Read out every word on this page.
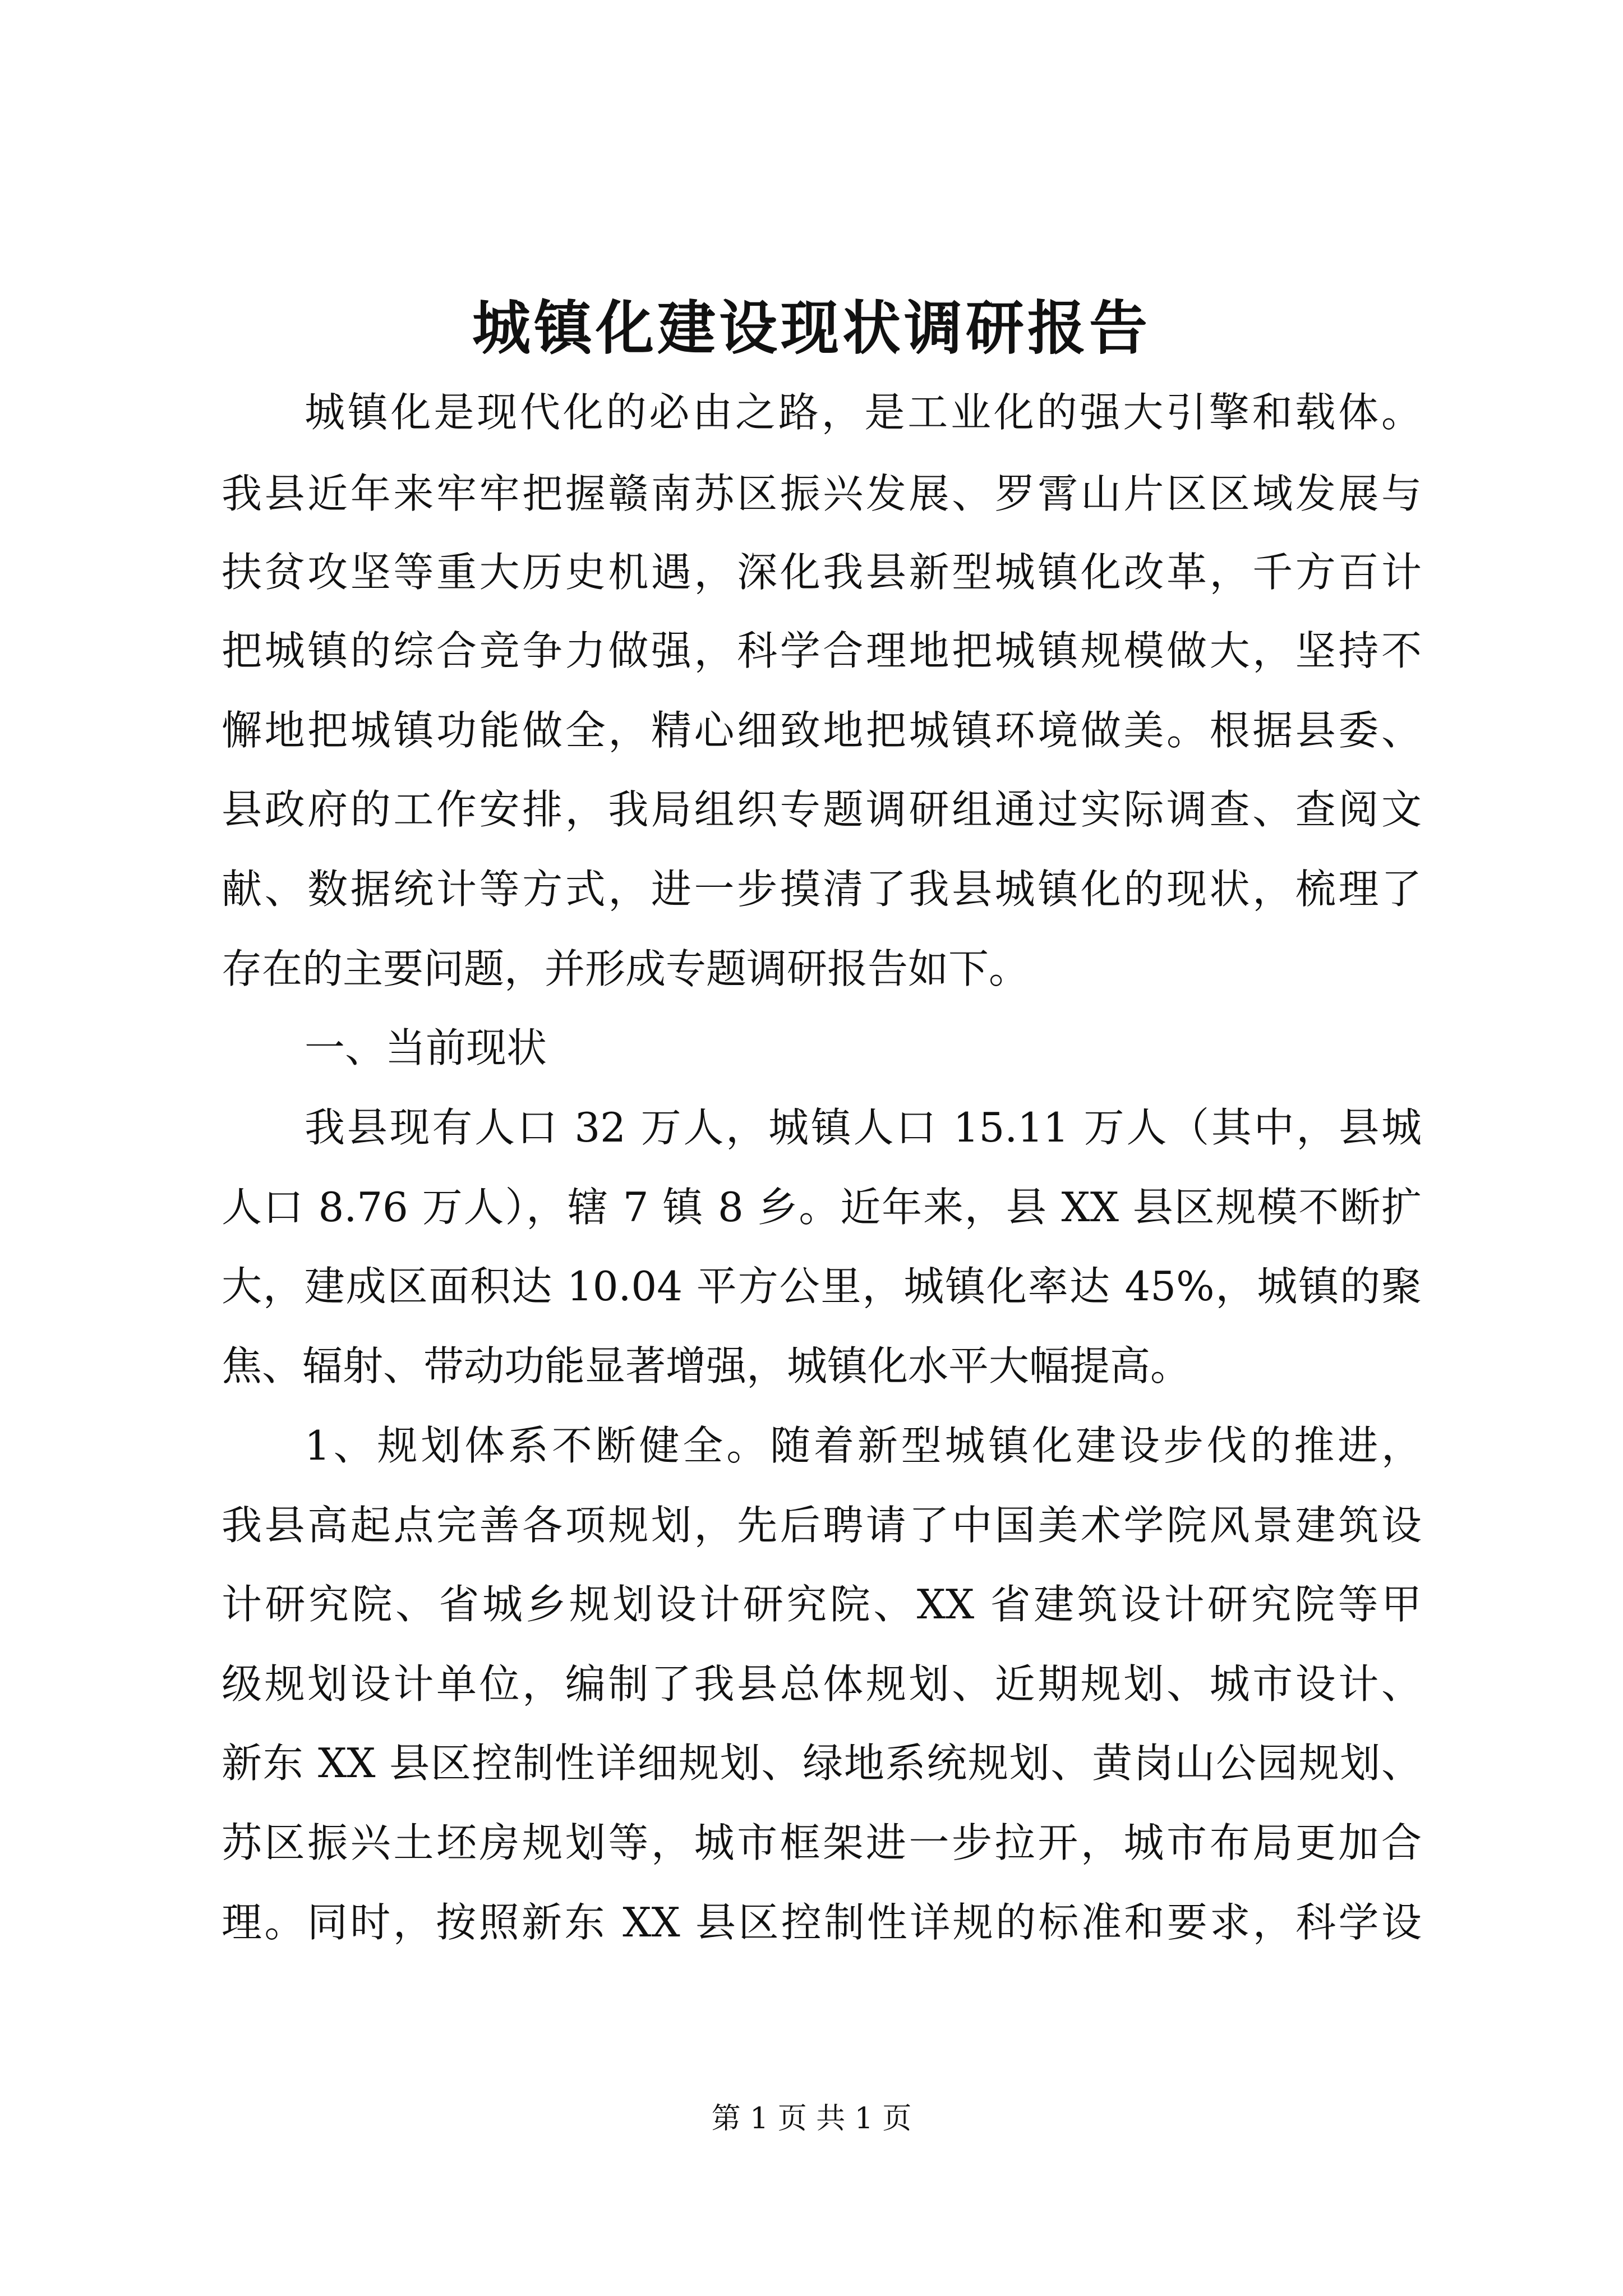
城镇化建设现状调研报告
城镇化是现代化的必由之路，是工业化的强大引擎和载体。
我县近年来牢牢把握赣南苏区振兴发展、罗霄山片区区域发展与
扶贫攻坚等重大历史机遇，深化我县新型城镇化改革，千方百计
把城镇的综合竞争力做强，科学合理地把城镇规模做大，坚持不
懈地把城镇功能做全，精心细致地把城镇环境做美。根据县委、
县政府的工作安排，我局组织专题调研组通过实际调查、查阅文
献、数据统计等方式，进一步摸清了我县城镇化的现状，梳理了
存在的主要问题，并形成专题调研报告如下。
一、当前现状
我县现有人口 32 万人，城镇人口 15.11 万人（其中，县城
人口 8.76 万人），辖 7 镇 8 乡。近年来，县 XX 县区规模不断扩
大，建成区面积达 10.04 平方公里，城镇化率达 45%，城镇的聚
焦、辐射、带动功能显著增强，城镇化水平大幅提高。
1、规划体系不断健全。随着新型城镇化建设步伐的推进，
我县高起点完善各项规划，先后聘请了中国美术学院风景建筑设
计研究院、省城乡规划设计研究院、XX 省建筑设计研究院等甲
级规划设计单位，编制了我县总体规划、近期规划、城市设计、
新东 XX 县区控制性详细规划、绿地系统规划、黄岗山公园规划、
苏区振兴土坯房规划等，城市框架进一步拉开，城市布局更加合
理。同时，按照新东 XX 县区控制性详规的标准和要求，科学设
第 1 页 共 1 页
